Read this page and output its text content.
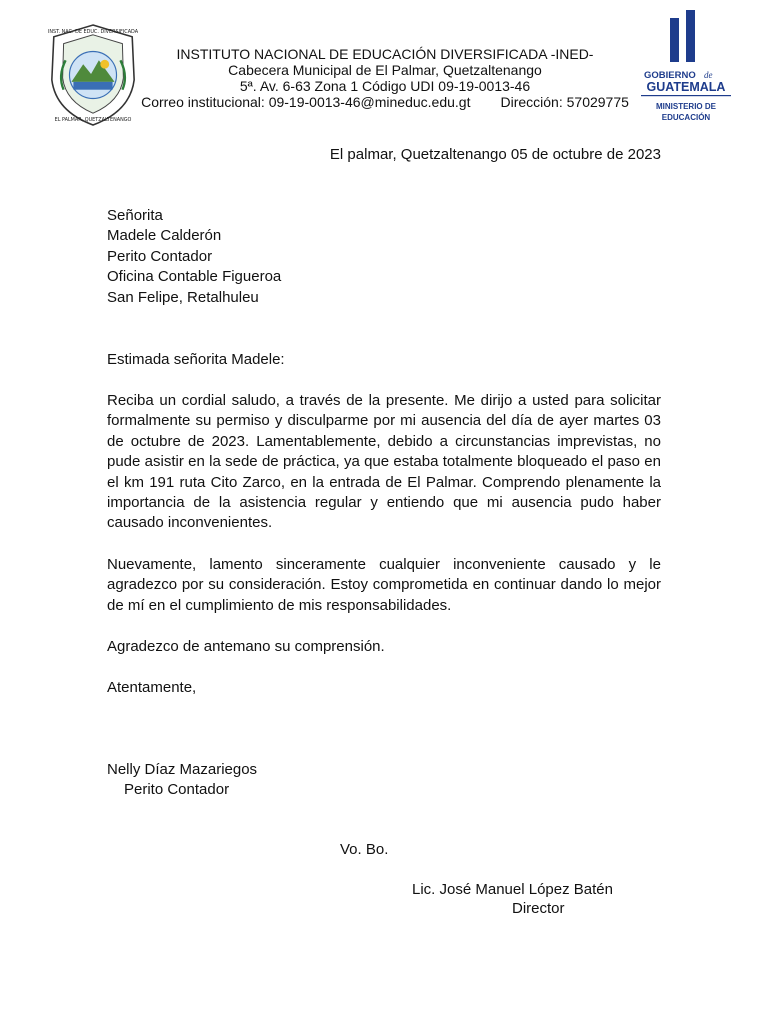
INST. NAC. DE EDUC. DIVERSIFICADA
EL PALMAR, QUETZALTENANGO
INSTITUTO NACIONAL DE EDUCACIÓN DIVERSIFICADA -INED-
Cabecera Municipal de El Palmar, Quetzaltenango
5ª. Av. 6-63 Zona 1 Código UDI 09-19-0013-46
Correo institucional: 09-19-0013-46@mineduc.edu.gt Dirección: 57029775
GOBIERNO de
GUATEMALA
MINISTERIO DE
EDUCACIÓN
El palmar, Quetzaltenango 05 de octubre de 2023
Señorita
Madele Calderón
Perito Contador
Oficina Contable Figueroa
San Felipe, Retalhuleu
Estimada señorita Madele:
Reciba un cordial saludo, a través de la presente. Me dirijo a usted para solicitar formalmente su permiso y disculparme por mi ausencia del día de ayer martes 03 de octubre de 2023. Lamentablemente, debido a circunstancias imprevistas, no pude asistir en la sede de práctica, ya que estaba totalmente bloqueado el paso en el km 191 ruta Cito Zarco, en la entrada de El Palmar. Comprendo plenamente la importancia de la asistencia regular y entiendo que mi ausencia pudo haber causado inconvenientes.
Nuevamente, lamento sinceramente cualquier inconveniente causado y le agradezco por su consideración. Estoy comprometida en continuar dando lo mejor de mí en el cumplimiento de mis responsabilidades.
Agradezco de antemano su comprensión.
Atentamente,
Nelly Díaz Mazariegos
Perito Contador
Vo. Bo.
Lic. José Manuel López Batén
Director
